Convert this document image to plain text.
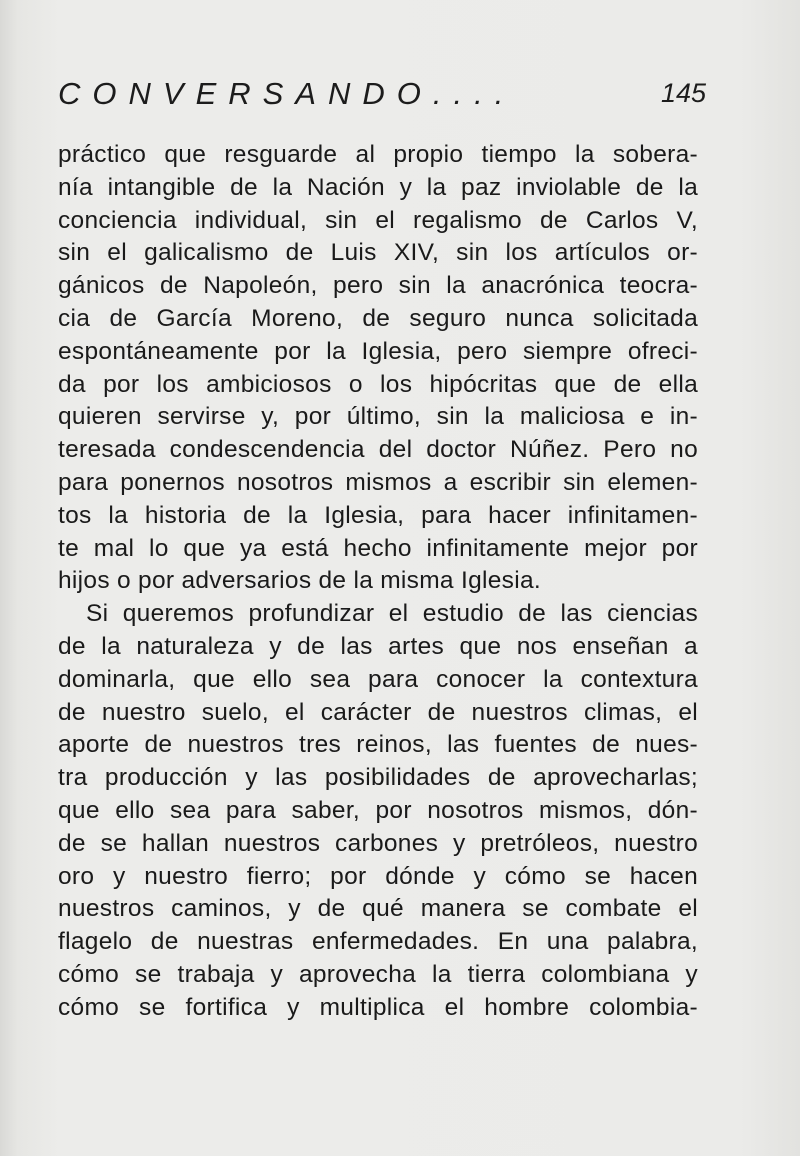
CONVERSANDO....	145
práctico que resguarde al propio tiempo la sobera-
nía intangible de la Nación y la paz inviolable de la
conciencia individual, sin el regalismo de Carlos V,
sin el galicalismo de Luis XIV, sin los artículos or-
gánicos de Napoleón, pero sin la anacrónica teocra-
cia de García Moreno, de seguro nunca solicitada
espontáneamente por la Iglesia, pero siempre ofreci-
da por los ambiciosos o los hipócritas que de ella
quieren servirse y, por último, sin la maliciosa e in-
teresada condescendencia del doctor Núñez. Pero no
para ponernos nosotros mismos a escribir sin elemen-
tos la historia de la Iglesia, para hacer infinitamen-
te mal lo que ya está hecho infinitamente mejor por
hijos o por adversarios de la misma Iglesia.
Si queremos profundizar el estudio de las ciencias
de la naturaleza y de las artes que nos enseñan a
dominarla, que ello sea para conocer la contextura
de nuestro suelo, el carácter de nuestros climas, el
aporte de nuestros tres reinos, las fuentes de nues-
tra producción y las posibilidades de aprovecharlas;
que ello sea para saber, por nosotros mismos, dón-
de se hallan nuestros carbones y pretróleos, nuestro
oro y nuestro fierro; por dónde y cómo se hacen
nuestros caminos, y de qué manera se combate el
flagelo de nuestras enfermedades. En una palabra,
cómo se trabaja y aprovecha la tierra colombiana y
cómo se fortifica y multiplica el hombre colombia-
